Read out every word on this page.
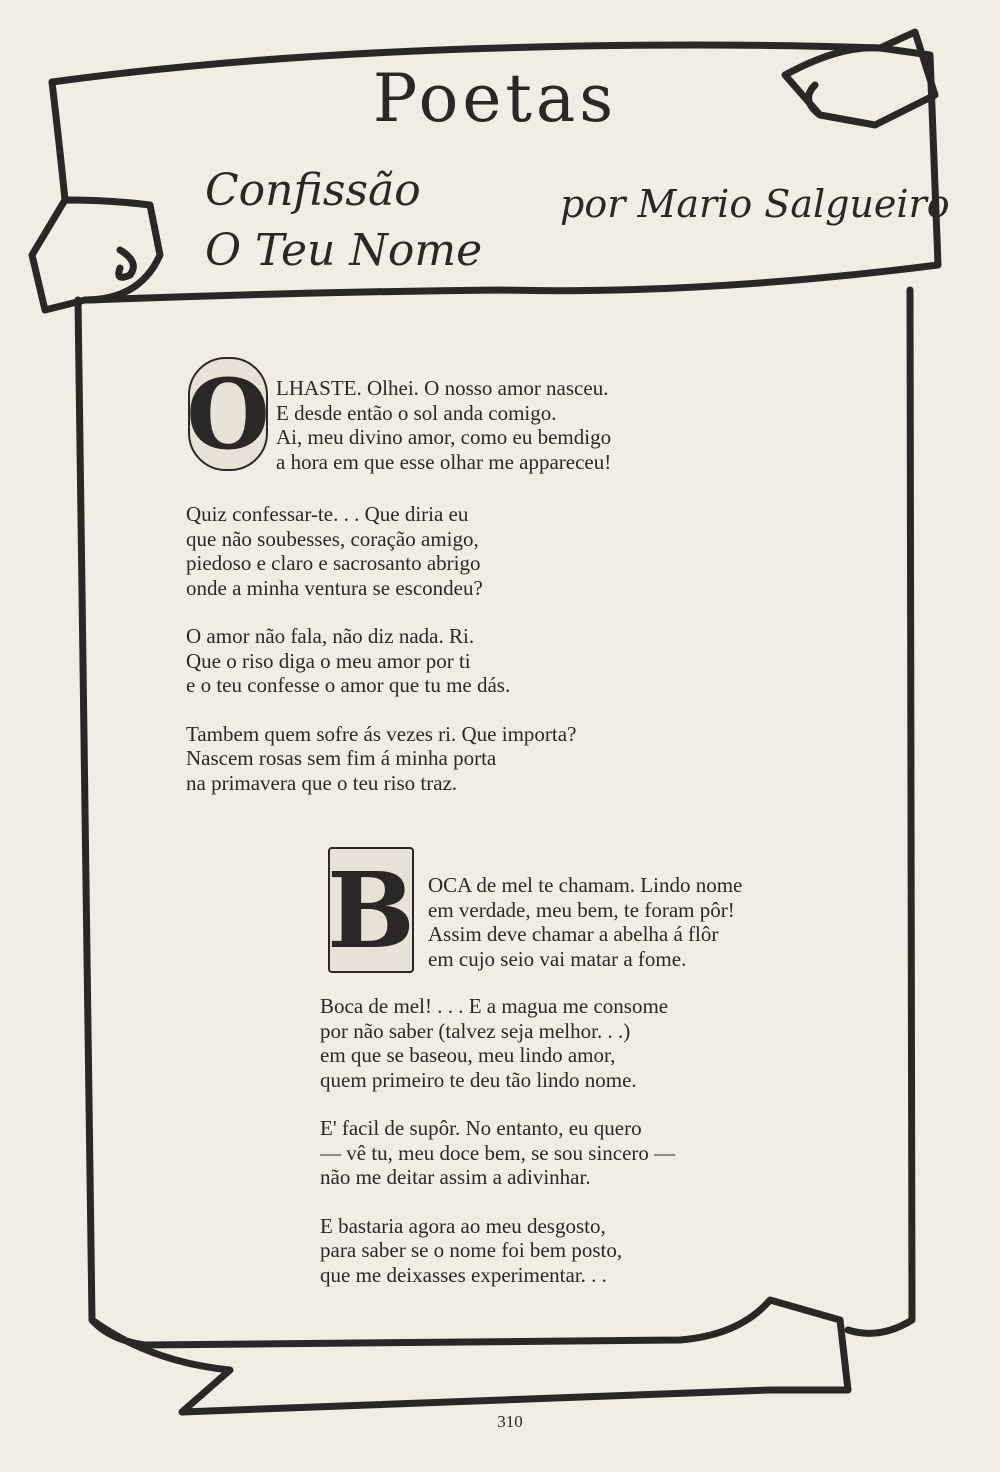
Poetas
Confissão
O Teu Nome
por Mario Salgueiro
O LHASTE. Olhei. O nosso amor nasceu.
E desde então o sol anda comigo.
Ai, meu divino amor, como eu bemdigo
a hora em que esse olhar me appareceu!
Quiz confessar-te. . . Que diria eu
que não soubesses, coração amigo,
piedoso e claro e sacrosanto abrigo
onde a minha ventura se escondeu?
O amor não fala, não diz nada. Ri.
Que o riso diga o meu amor por ti
e o teu confesse o amor que tu me dás.
Tambem quem sofre ás vezes ri. Que importa?
Nascem rosas sem fim á minha porta
na primavera que o teu riso traz.
B OCA de mel te chamam. Lindo nome
em verdade, meu bem, te foram pôr!
Assim deve chamar a abelha á flôr
em cujo seio vai matar a fome.
Boca de mel! . . . E a magua me consome
por não saber (talvez seja melhor. . .)
em que se baseou, meu lindo amor,
quem primeiro te deu tão lindo nome.
E' facil de supôr. No entanto, eu quero
— vê tu, meu doce bem, se sou sincero —
não me deitar assim a adivinhar.
E bastaria agora ao meu desgosto,
para saber se o nome foi bem posto,
que me deixasses experimentar. . .
310
